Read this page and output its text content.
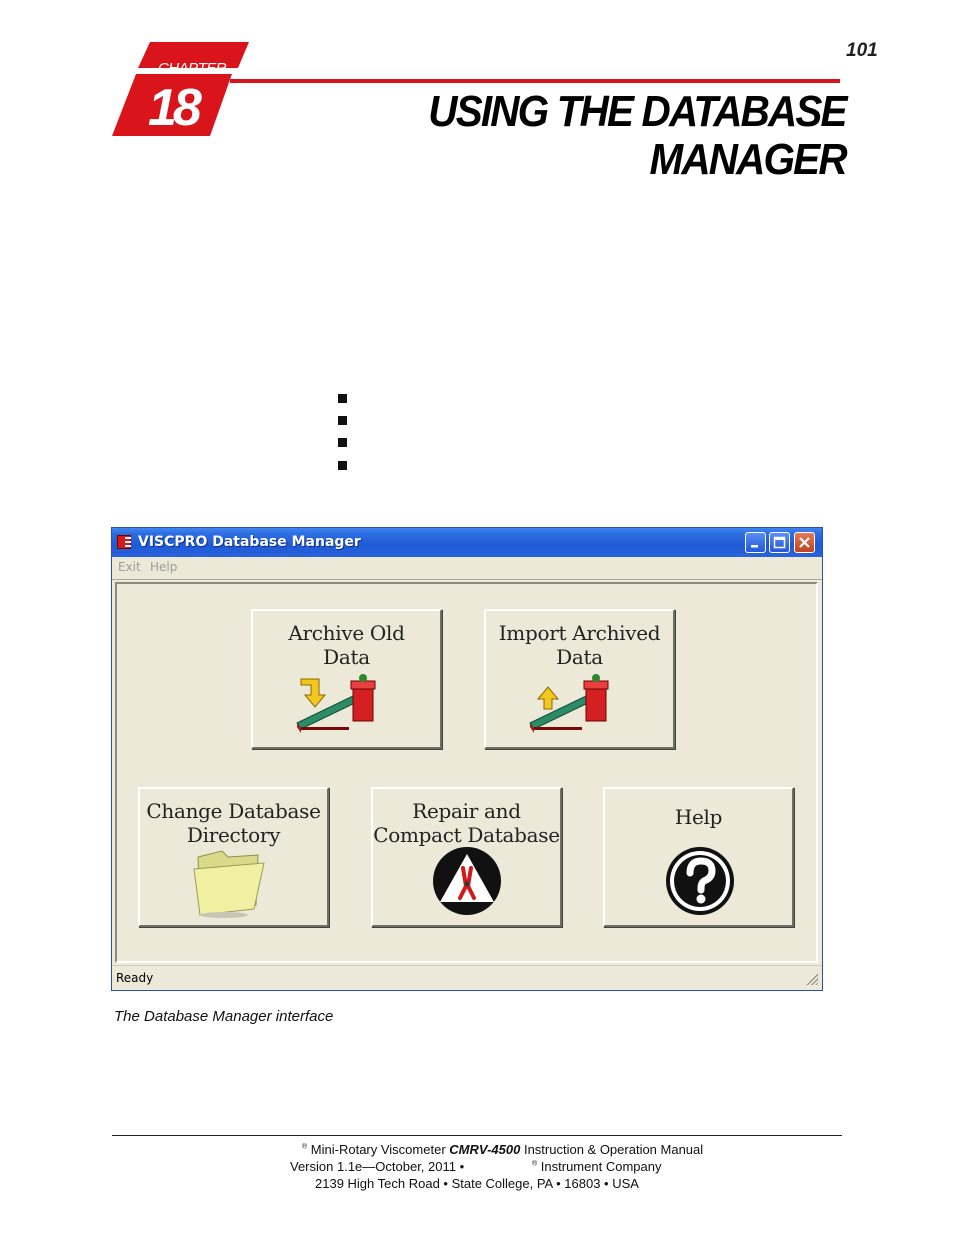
101
CHAPTER
18	USING THE DATABASE
MANAGER
VISCPRO Database Manager
Exit Help
Archive Old
Data
Import Archived
Data
Change Database
Directory
Repair and
Compact Database
Help
Ready
The Database Manager interface
® Mini-Rotary Viscometer CMRV-4500 Instruction & Operation Manual
Version 1.1e—October, 2011 •	® Instrument Company
2139 High Tech Road • State College, PA • 16803 • USA
